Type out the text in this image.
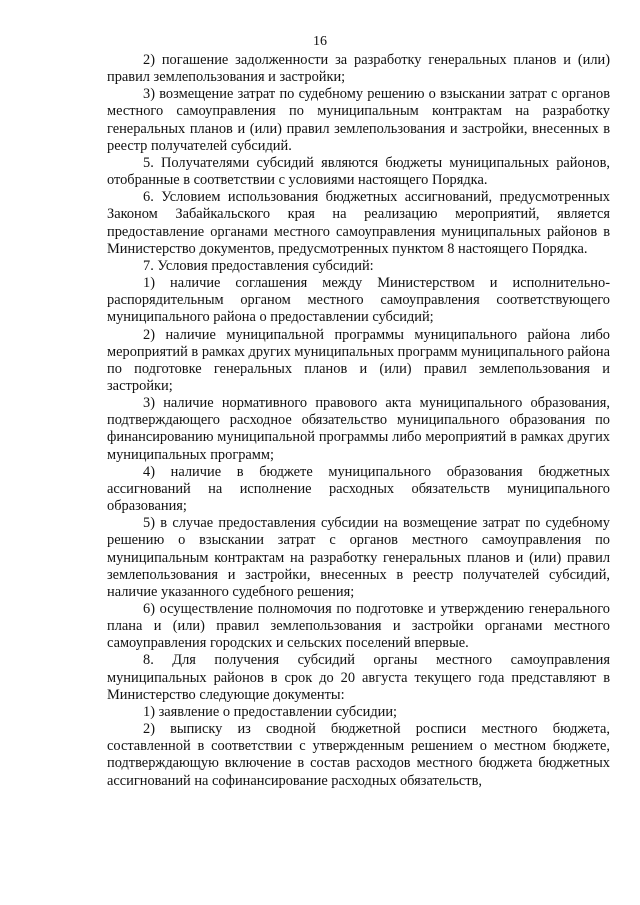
16

2) погашение задолженности за разработку генеральных планов и (или) правил землепользования и застройки;

3) возмещение затрат по судебному решению о взыскании затрат с органов местного самоуправления по муниципальным контрактам на разработку генеральных планов и (или) правил землепользования и застройки, внесенных в реестр получателей субсидий.

5. Получателями субсидий являются бюджеты муниципальных районов, отобранные в соответствии с условиями настоящего Порядка.

6. Условием использования бюджетных ассигнований, предусмотренных Законом Забайкальского края на реализацию мероприятий, является предоставление органами местного самоуправления муниципальных районов в Министерство документов, предусмотренных пунктом 8 настоящего Порядка.

7. Условия предоставления субсидий:

1) наличие соглашения между Министерством и исполнительно-распорядительным органом местного самоуправления соответствующего муниципального района о предоставлении субсидий;

2) наличие муниципальной программы муниципального района либо мероприятий в рамках других муниципальных программ муниципального района по подготовке генеральных планов и (или) правил землепользования и застройки;

3) наличие нормативного правового акта муниципального образования, подтверждающего расходное обязательство муниципального образования по финансированию муниципальной программы либо мероприятий в рамках других муниципальных программ;

4) наличие в бюджете муниципального образования бюджетных ассигнований на исполнение расходных обязательств муниципального образования;

5) в случае предоставления субсидии на возмещение затрат по судебному решению о взыскании затрат с органов местного самоуправления по муниципальным контрактам на разработку генеральных планов и (или) правил землепользования и застройки, внесенных в реестр получателей субсидий, наличие указанного судебного решения;

6) осуществление полномочия по подготовке и утверждению генерального плана и (или) правил землепользования и застройки органами местного самоуправления городских и сельских поселений впервые.

8. Для получения субсидий органы местного самоуправления муниципальных районов в срок до 20 августа текущего года представляют в Министерство следующие документы:

1) заявление о предоставлении субсидии;

2) выписку из сводной бюджетной росписи местного бюджета, составленной в соответствии с утвержденным решением о местном бюджете, подтверждающую включение в состав расходов местного бюджета бюджетных ассигнований на софинансирование расходных обязательств,
